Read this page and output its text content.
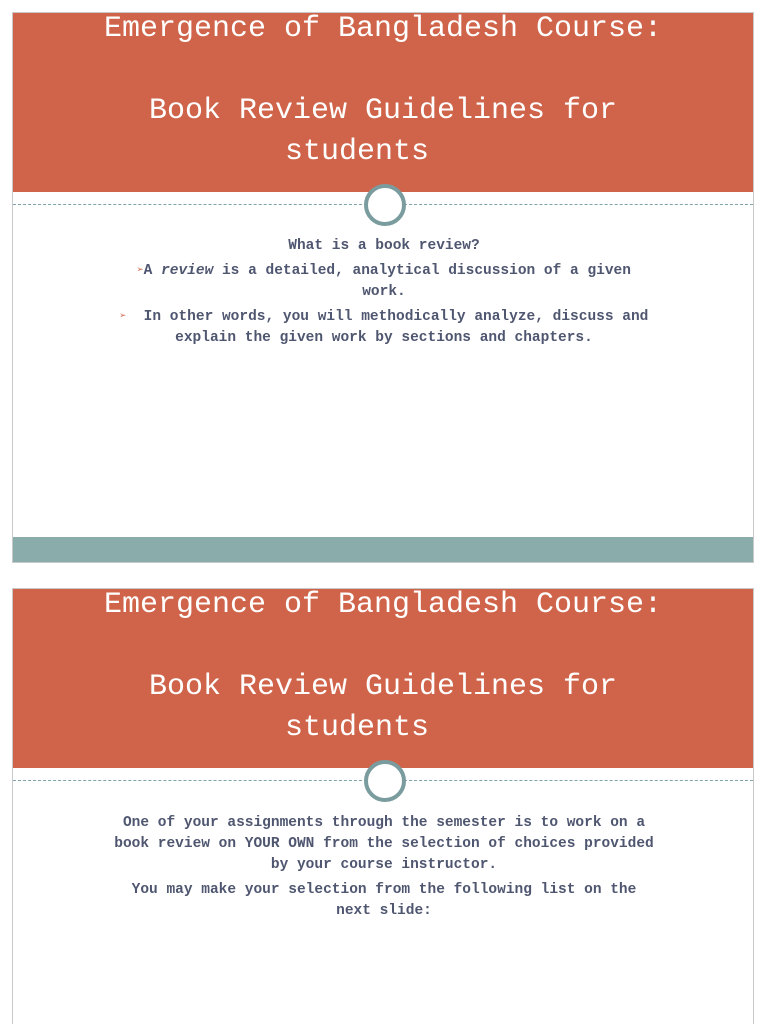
Emergence of Bangladesh Course:
Book Review Guidelines for
students

What is a book review?

➢A review is a detailed, analytical discussion of a given work.

➢  In other words, you will methodically analyze, discuss and explain the given work by sections and chapters.

Emergence of Bangladesh Course:
Book Review Guidelines for
students

One of your assignments through the semester is to work on a book review on YOUR OWN from the selection of choices provided by your course instructor.

You may make your selection from the following list on the next slide:
